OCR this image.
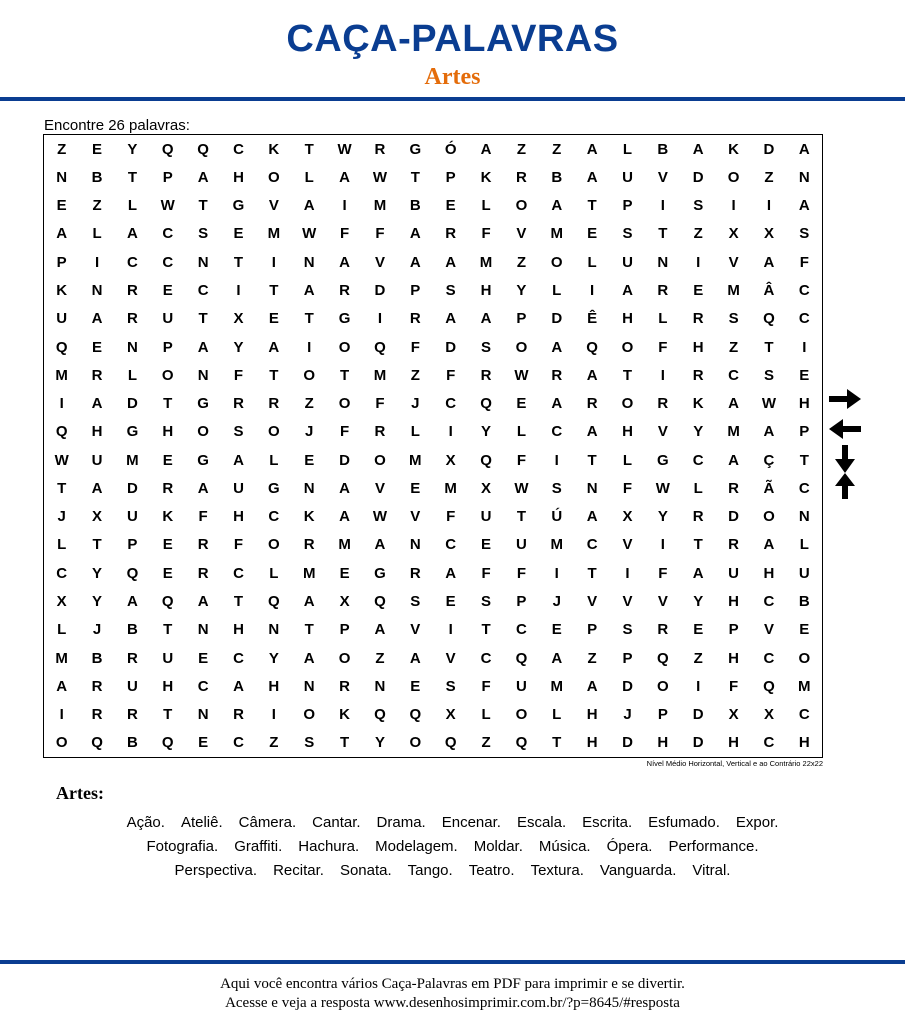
CAÇA-PALAVRAS
Artes
Encontre 26 palavras:
Z	E	Y	Q	Q	C	K	T	W	R	G	Ó	A	Z	Z	A	L	B	A	K	D	A
N	B	T	P	A	H	O	L	A	W	T	P	K	R	B	A	U	V	D	O	Z	N
E	Z	L	W	T	G	V	A	I	M	B	E	L	O	A	T	P	I	S	I	I	A
A	L	A	C	S	E	M	W	F	F	A	R	F	V	M	E	S	T	Z	X	X	S
P	I	C	C	N	T	I	N	A	V	A	A	M	Z	O	L	U	N	I	V	A	F
K	N	R	E	C	I	T	A	R	D	P	S	H	Y	L	I	A	R	E	M	Â	C
U	A	R	U	T	X	E	T	G	I	R	A	A	P	D	Ê	H	L	R	S	Q	C
Q	E	N	P	A	Y	A	I	O	Q	F	D	S	O	A	Q	O	F	H	Z	T	I
M	R	L	O	N	F	T	O	T	M	Z	F	R	W	R	A	T	I	R	C	S	E
I	A	D	T	G	R	R	Z	O	F	J	C	Q	E	A	R	O	R	K	A	W	H
Q	H	G	H	O	S	O	J	F	R	L	I	Y	L	C	A	H	V	Y	M	A	P
W	U	M	E	G	A	L	E	D	O	M	X	Q	F	I	T	L	G	C	A	Ç	T
T	A	D	R	A	U	G	N	A	V	E	M	X	W	S	N	F	W	L	R	Ã	C
J	X	U	K	F	H	C	K	A	W	V	F	U	T	Ú	A	X	Y	R	D	O	N
L	T	P	E	R	F	O	R	M	A	N	C	E	U	M	C	V	I	T	R	A	L
C	Y	Q	E	R	C	L	M	E	G	R	A	F	F	I	T	I	F	A	U	H	U
X	Y	A	Q	A	T	Q	A	X	Q	S	E	S	P	J	V	V	V	Y	H	C	B
L	J	B	T	N	H	N	T	P	A	V	I	T	C	E	P	S	R	E	P	V	E
M	B	R	U	E	C	Y	A	O	Z	A	V	C	Q	A	Z	P	Q	Z	H	C	O
A	R	U	H	C	A	H	N	R	N	E	S	F	U	M	A	D	O	I	F	Q	M
I	R	R	T	N	R	I	O	K	Q	Q	X	L	O	L	H	J	P	D	X	X	C
O	Q	B	Q	E	C	Z	S	T	Y	O	Q	Z	Q	T	H	D	H	D	H	C	H
Nível Médio Horizontal, Vertical e ao Contrário 22x22
Artes:
Ação. Ateliê. Câmera. Cantar. Drama. Encenar. Escala. Escrita. Esfumado. Expor.
Fotografia. Graffiti. Hachura. Modelagem. Moldar. Música. Ópera. Performance.
Perspectiva. Recitar. Sonata. Tango. Teatro. Textura. Vanguarda. Vitral.
Aqui você encontra vários Caça-Palavras em PDF para imprimir e se divertir.
Acesse e veja a resposta www.desenhosimprimir.com.br/?p=8645/#resposta
